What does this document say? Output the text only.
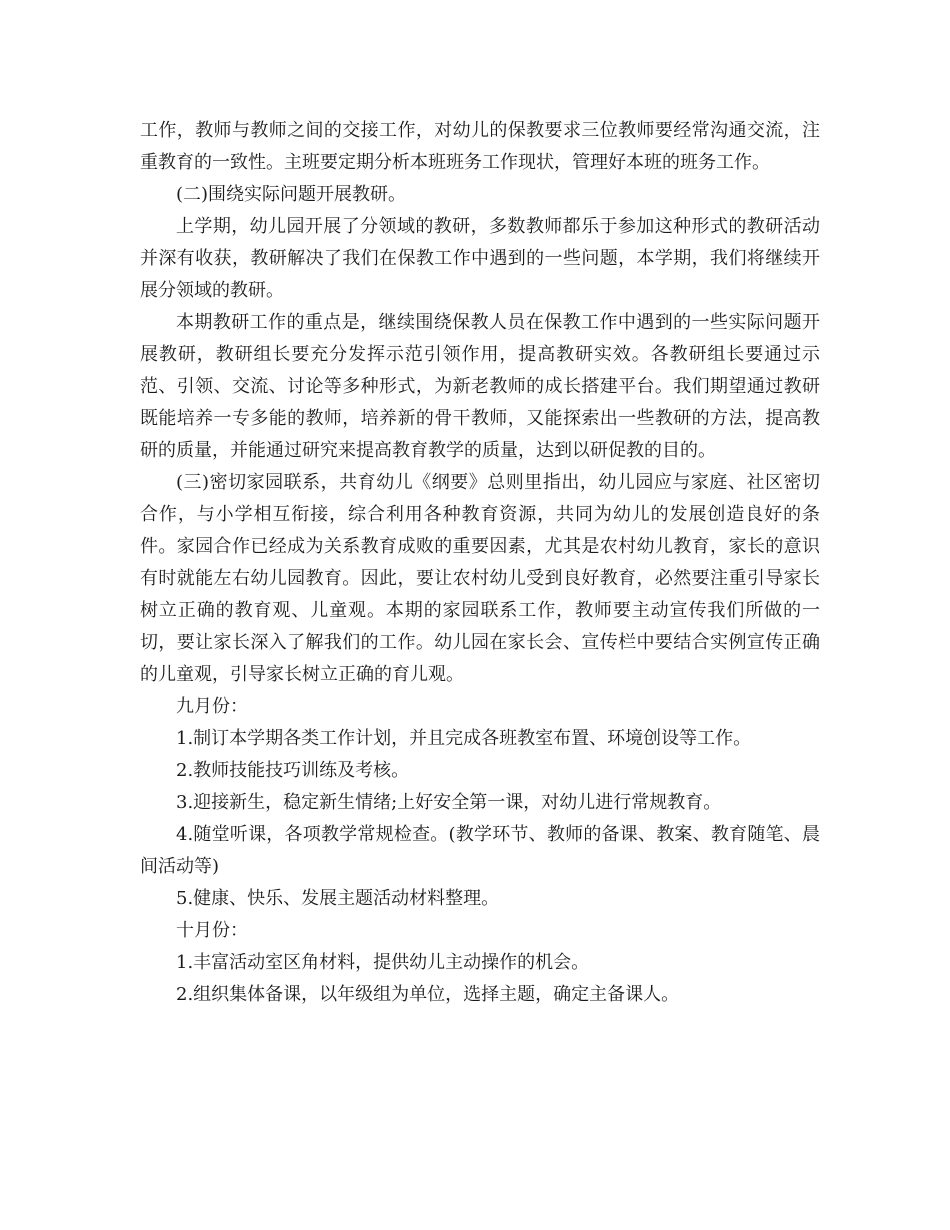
工作，教师与教师之间的交接工作，对幼儿的保教要求三位教师要经常沟通交流，注重教育的一致性。主班要定期分析本班班务工作现状，管理好本班的班务工作。

(二)围绕实际问题开展教研。

上学期，幼儿园开展了分领域的教研，多数教师都乐于参加这种形式的教研活动并深有收获，教研解决了我们在保教工作中遇到的一些问题，本学期，我们将继续开展分领域的教研。

本期教研工作的重点是，继续围绕保教人员在保教工作中遇到的一些实际问题开展教研，教研组长要充分发挥示范引领作用，提高教研实效。各教研组长要通过示范、引领、交流、讨论等多种形式，为新老教师的成长搭建平台。我们期望通过教研既能培养一专多能的教师，培养新的骨干教师，又能探索出一些教研的方法，提高教研的质量，并能通过研究来提高教育教学的质量，达到以研促教的目的。

(三)密切家园联系，共育幼儿《纲要》总则里指出，幼儿园应与家庭、社区密切合作，与小学相互衔接，综合利用各种教育资源，共同为幼儿的发展创造良好的条件。家园合作已经成为关系教育成败的重要因素，尤其是农村幼儿教育，家长的意识有时就能左右幼儿园教育。因此，要让农村幼儿受到良好教育，必然要注重引导家长树立正确的教育观、儿童观。本期的家园联系工作，教师要主动宣传我们所做的一切，要让家长深入了解我们的工作。幼儿园在家长会、宣传栏中要结合实例宣传正确的儿童观，引导家长树立正确的育儿观。

九月份：

1.制订本学期各类工作计划，并且完成各班教室布置、环境创设等工作。

2.教师技能技巧训练及考核。

3.迎接新生，稳定新生情绪;上好安全第一课，对幼儿进行常规教育。

4.随堂听课，各项教学常规检查。(教学环节、教师的备课、教案、教育随笔、晨间活动等)

5.健康、快乐、发展主题活动材料整理。

十月份：

1.丰富活动室区角材料，提供幼儿主动操作的机会。

2.组织集体备课，以年级组为单位，选择主题，确定主备课人。
